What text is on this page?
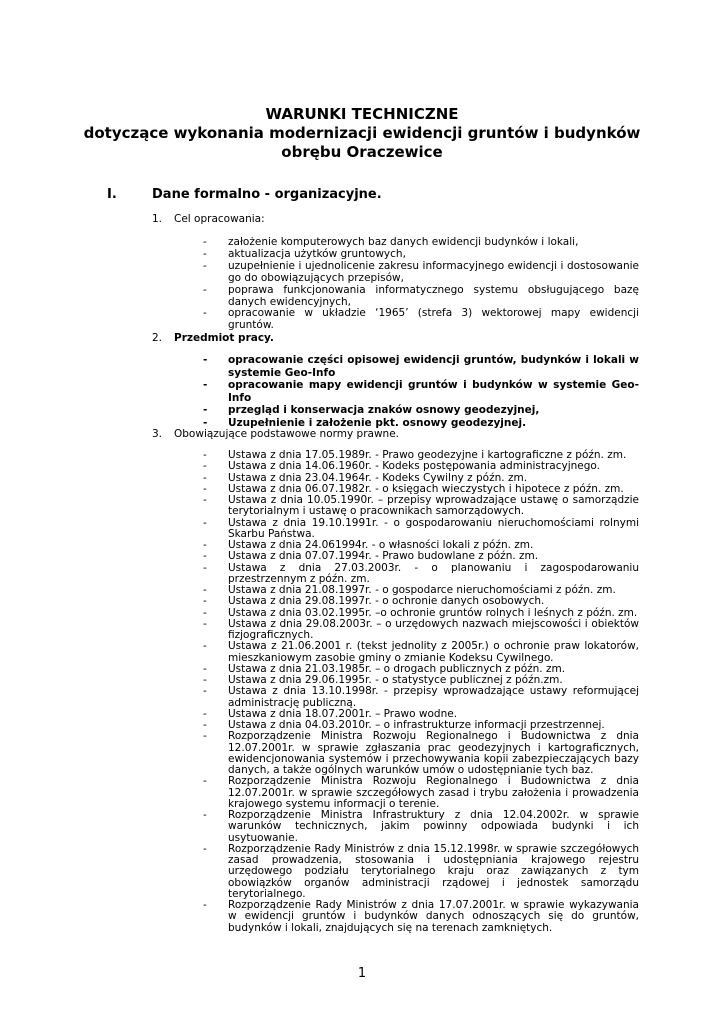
WARUNKI TECHNICZNE
dotyczące wykonania modernizacji ewidencji gruntów i budynków
obrębu Oraczewice
I.	Dane formalno - organizacyjne.
1. Cel opracowania:
- założenie komputerowych baz danych ewidencji budynków i lokali,
- aktualizacja użytków gruntowych,
- uzupełnienie i ujednolicenie zakresu informacyjnego ewidencji i dostosowanie go do obowiązujących przepisów,
- poprawa funkcjonowania informatycznego systemu obsługującego bazę danych ewidencyjnych,
- opracowanie w układzie ‘1965’ (strefa 3) wektorowej mapy ewidencji gruntów.
2. Przedmiot pracy.
- opracowanie części opisowej ewidencji gruntów, budynków i lokali w systemie Geo-Info
- opracowanie mapy ewidencji gruntów i budynków w systemie Geo-Info
- przegląd i konserwacja znaków osnowy geodezyjnej,
- Uzupełnienie i założenie pkt. osnowy geodezyjnej.
3. Obowiązujące podstawowe normy prawne.
- Ustawa z dnia 17.05.1989r. - Prawo geodezyjne i kartograficzne z późn. zm.
- Ustawa z dnia 14.06.1960r. - Kodeks postępowania administracyjnego.
- Ustawa z dnia 23.04.1964r. - Kodeks Cywilny z późn. zm.
- Ustawa z dnia 06.07.1982r. - o księgach wieczystych i hipotece z późn. zm.
- Ustawa z dnia 10.05.1990r. – przepisy wprowadzające ustawę o samorządzie terytorialnym i ustawę o pracownikach samorządowych.
- Ustawa z dnia 19.10.1991r. - o gospodarowaniu nieruchomościami rolnymi Skarbu Państwa.
- Ustawa z dnia 24.061994r. - o własności lokali z późn. zm.
- Ustawa z dnia 07.07.1994r. - Prawo budowlane z późn. zm.
- Ustawa z dnia 27.03.2003r. - o planowaniu i zagospodarowaniu przestrzennym z późn. zm.
- Ustawa z dnia 21.08.1997r. - o gospodarce nieruchomościami z późn. zm.
- Ustawa z dnia 29.08.1997r. - o ochronie danych osobowych.
- Ustawa z dnia 03.02.1995r. –o ochronie gruntów rolnych i leśnych z późn. zm.
- Ustawa z dnia 29.08.2003r. – o urzędowych nazwach miejscowości i obiektów fizjograficznych.
- Ustawa z 21.06.2001 r. (tekst jednolity z 2005r.) o ochronie praw lokatorów, mieszkaniowym zasobie gminy o zmianie Kodeksu Cywilnego.
- Ustawa z dnia 21.03.1985r. – o drogach publicznych z późn. zm.
- Ustawa z dnia 29.06.1995r. - o statystyce publicznej z późn.zm.
- Ustawa z dnia 13.10.1998r. - przepisy wprowadzające ustawy reformującej administrację publiczną.
- Ustawa z dnia 18.07.2001r. – Prawo wodne.
- Ustawa z dnia 04.03.2010r. – o infrastrukturze informacji przestrzennej.
- Rozporządzenie Ministra Rozwoju Regionalnego i Budownictwa z dnia 12.07.2001r. w sprawie zgłaszania prac geodezyjnych i kartograficznych, ewidencjonowania systemów i przechowywania kopii zabezpieczających bazy danych, a także ogólnych warunków umów o udostępnianie tych baz.
- Rozporządzenie Ministra Rozwoju Regionalnego i Budownictwa z dnia 12.07.2001r. w sprawie szczegółowych zasad i trybu założenia i prowadzenia krajowego systemu informacji o terenie.
- Rozporządzenie Ministra Infrastruktury z dnia 12.04.2002r. w sprawie warunków technicznych, jakim powinny odpowiada budynki i ich usytuowanie.
- Rozporządzenie Rady Ministrów z dnia 15.12.1998r. w sprawie szczegółowych zasad prowadzenia, stosowania i udostępniania krajowego rejestru urzędowego podziału terytorialnego kraju oraz zawiązanych z tym obowiązków organów administracji rządowej i jednostek samorządu terytorialnego.
- Rozporządzenie Rady Ministrów z dnia 17.07.2001r. w sprawie wykazywania w ewidencji gruntów i budynków danych odnoszących się do gruntów, budynków i lokali, znajdujących się na terenach zamkniętych.
1
